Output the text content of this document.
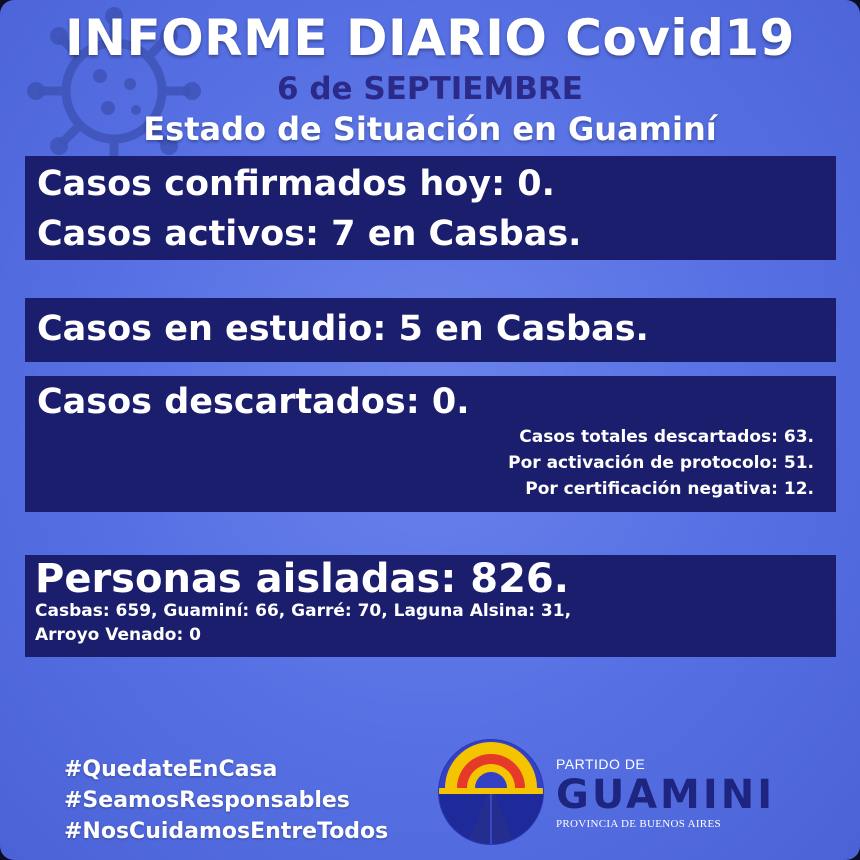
INFORME DIARIO Covid19
6 de SEPTIEMBRE
Estado de Situación en Guaminí
Casos confirmados hoy: 0.
Casos activos: 7 en Casbas.
Casos en estudio: 5 en Casbas.
Casos descartados: 0.
Casos totales descartados: 63.
Por activación de protocolo: 51.
Por certificación negativa: 12.
Personas aisladas: 826.
Casbas: 659, Guaminí: 66, Garré: 70, Laguna Alsina: 31,
Arroyo Venado: 0
#QuedateEnCasa
#SeamosResponsables
#NosCuidamosEntreTodos
PARTIDO DE
GUAMINI
PROVINCIA DE BUENOS AIRES
